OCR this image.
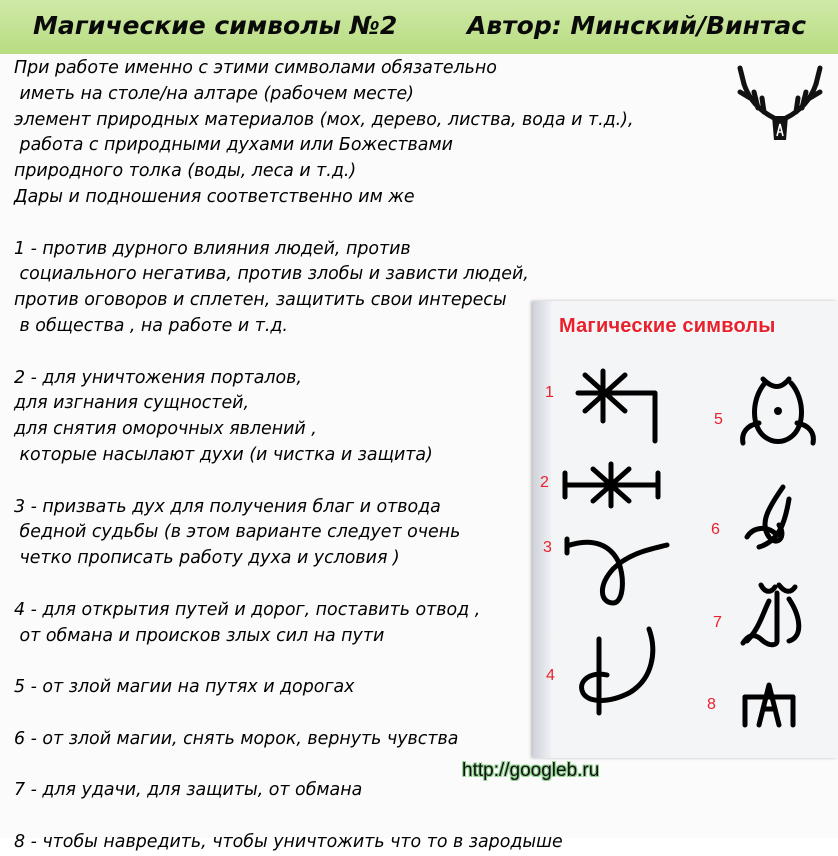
Магические символы №2	Автор: Минский/Винтас
При работе именно с этими символами обязательно
иметь на столе/на алтаре (рабочем месте)
элемент природных материалов (мох, дерево, листва, вода и т.д.),
работа с природными духами или Божествами
природного толка (воды, леса и т.д.)
Дары и подношения соответственно им же
1 - против дурного влияния людей, против
социального негатива, против злобы и зависти людей,
против оговоров и сплетен, защитить свои интересы
в общества , на работе и т.д.
2 - для уничтожения порталов,
для изгнания сущностей,
для снятия оморочных явлений ,
которые насылают духи (и чистка и защита)
3 - призвать дух для получения благ и отвода
бедной судьбы (в этом варианте следует очень
четко прописать работу духа и условия )
4 - для открытия путей и дорог, поставить отвод ,
от обмана и происков злых сил на пути
5 - от злой магии на путях и дорогах
6 - от злой магии, снять морок, вернуть чувства
7 - для удачи, для защиты, от обмана
8 - чтобы навредить, чтобы уничтожить что то в зародыше
Магические символы
1
2
3
4
5
6
7
8
http://googleb.ru
